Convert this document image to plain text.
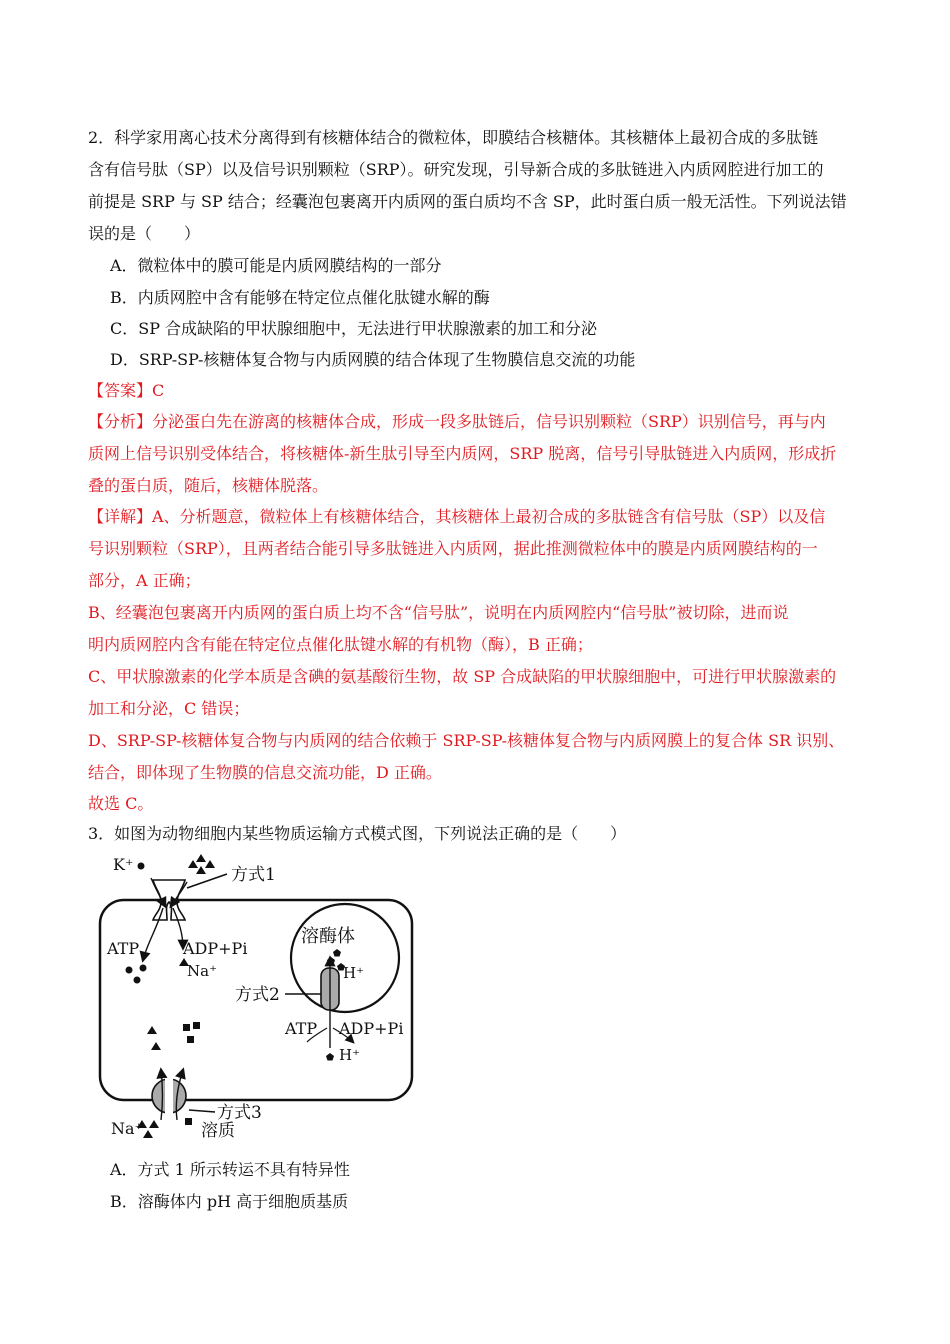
2．科学家用离心技术分离得到有核糖体结合的微粒体，即膜结合核糖体。其核糖体上最初合成的多肽链
含有信号肽（SP）以及信号识别颗粒（SRP）。研究发现，引导新合成的多肽链进入内质网腔进行加工的
前提是 SRP 与 SP 结合；经囊泡包裹离开内质网的蛋白质均不含 SP，此时蛋白质一般无活性。下列说法错
误的是（　　）
A．微粒体中的膜可能是内质网膜结构的一部分
B．内质网腔中含有能够在特定位点催化肽键水解的酶
C．SP 合成缺陷的甲状腺细胞中，无法进行甲状腺激素的加工和分泌
D．SRP-SP-核糖体复合物与内质网膜的结合体现了生物膜信息交流的功能
【答案】C
【分析】分泌蛋白先在游离的核糖体合成，形成一段多肽链后，信号识别颗粒（SRP）识别信号，再与内
质网上信号识别受体结合，将核糖体-新生肽引导至内质网，SRP 脱离，信号引导肽链进入内质网，形成折
叠的蛋白质，随后，核糖体脱落。
【详解】A、分析题意，微粒体上有核糖体结合，其核糖体上最初合成的多肽链含有信号肽（SP）以及信
号识别颗粒（SRP），且两者结合能引导多肽链进入内质网，据此推测微粒体中的膜是内质网膜结构的一
部分，A 正确；
B、经囊泡包裹离开内质网的蛋白质上均不含“信号肽”，说明在内质网腔内“信号肽”被切除，进而说
明内质网腔内含有能在特定位点催化肽键水解的有机物（酶），B 正确；
C、甲状腺激素的化学本质是含碘的氨基酸衍生物，故 SP 合成缺陷的甲状腺细胞中，可进行甲状腺激素的
加工和分泌，C 错误；
D、SRP-SP-核糖体复合物与内质网的结合依赖于 SRP-SP-核糖体复合物与内质网膜上的复合体 SR 识别、
结合，即体现了生物膜的信息交流功能，D 正确。
故选 C。
3．如图为动物细胞内某些物质运输方式模式图，下列说法正确的是（　　）
K⁺
方式1
ATP	ADP+Pi
Na⁺
溶酶体
H⁺
方式2
ATP ADP+Pi
H⁺
方式3
Na⁺	溶质
A．方式 1 所示转运不具有特异性
B．溶酶体内 pH 高于细胞质基质
